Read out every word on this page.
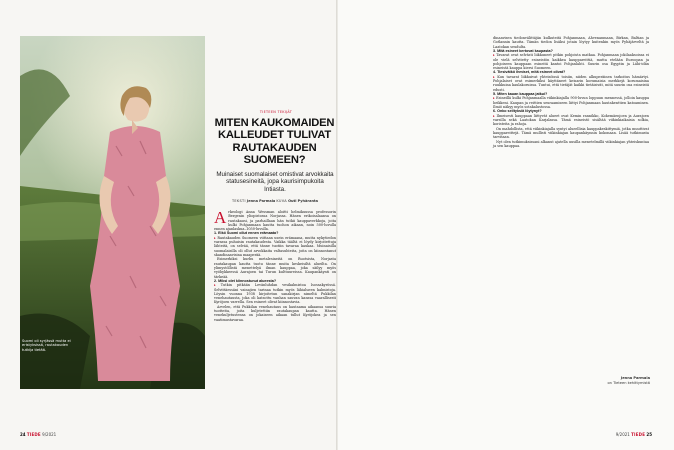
Suomi oli syrjässä mutta ei eristyksissä, rautakauden tutkija tietää.
TIETEEN TEKIJÄT
MITEN KAUKOMAIDEN KALLEUDET TULIVAT RAUTAKAUDEN SUOMEEN?
Muinaiset suomalaiset omistivat arvokkaita statusesineitä, jopa kaurisimpukoita Intiasta.
TEKSTI Jenna Parmala KUVA Outi Pyhäranta
A rkeologi Anna Wessman aloitti helmikuussa professorin Bergenin yliopistossa Norjassa. Hänen erikoisalaansa on rautakausi, ja parhaillaan hän tutkii kauppaverkkoja, joita kulki Pohjanmaan kautta tuohon aikaan, noin 500-luvulla ennen ajanlaskua–1050-luvulla.

1. Eikö Suomi ollut ennen erämaata?

▸ Rautakauden Suomeen viittaan usein erämaana, mutta nykytiedon varassa puhuisin rautakaudesta. Vaikka täältä ei löydy kirjoitettuja lähteitä, on selvää, että tänne tuotiin tavaraa kaukaa. Muinaisilla suomalaisilla oli ollut arvokkaita valtasuhteita, joita on kiinnostanut skandinaavisina maaperää.

Esimerkiksi kurbu metalesineitä on Ruotsista, Norjasta rautakaupan kautta tuotu tänne muita keskeisiltä alueilta. On ylimystöllistä menettelyä ilman kauppaa, joka säilyy myös vyöhykkeessä Aurajoen tai Turun kulttuureissa. Kaupankäynti on tärkeää.

2. Miksi olet kiinnostunut alueesta?

▸ Tutkin pitkään Levänluhdan vesikalmistoa Isossakyrössä. Selvittäessäni vainajien tarinaa tutkin myös lähialueen kalmistoja. Löysin vuonna 1938 kirjoitetun sanakirjan nimeltä Pukkilan venehautausta, joka oli katsottu vanhan sauvan kanssa vaarallisesti Kyröjoen varrella. Sen esineet olivat kiinnostavia.

Arvelen, että Pukkilan venehautaus on hautaama aikaansa suuria tuotteita, joita kuljetettiin rautakaupan kautta. Hänen venekuljetustensa on jokaiseen aikaan tullut Kyröjokea ja sen vaatimustavaraa.

dinaavisen tiedonvälittäjän kulkuteitä Pohjanmaan, Ahvenanmaan, Birkan, Baltian ja Gotlannin kautta. Tämän tiedon lisäksi jotain löytyy kuitenkin myös Pyhäjärveltä ja Laatokan seudulta.

3. Mitä esineet kertovat kaupasta?

▸ Tavarat ovat selvästi liikkuneet pitkin pohjoista matkaa. Pohjanmaan jokilaaksoissa ei ole vielä selvitetty esineistön kaikkea kauppareittiä, mutta etelään Euroopan ja pohjoiseen kauppaan esineitä kantoi Pohjanlahti. Suurin osa Egyptin ja Lähi-idän esineistä kauppa kiersi Suomeen.

4. Tiesivätkö ihmiset, mitä esineet olivat?

▸ Kun tavarat liikkuivat yhteisöissä toisiin, niiden alkuperäinen tarkoitus hämärtyi. Pohjalaiset ovat esimerkiksi käyttäneet keisarin korumaisia merkkejä korumaisina ruukkuina kaulakoruissa. Tuntui, että tietäjät kaikki tietäisivät, mitä suurin osa esineistä edusti.

5. Miten kauan kauppaa jatkui?

▸ Esineillä kulki Pohjanmaalla viikinkiajalla 900-luvun loppuun mennessä, jolloin kauppa heikkeni. Kaupan ja reittien seuraamiseen liittyi Pohjanmaan hautakenttien katoaminen. Ilmiö näkyy myös sotakalustossa.

6. Onko seiltyksiä löytynyt?

▸ Ilmeisesti kauppaan liittyvät alueet ovat Kemin rannikko, Kokemäenjoen ja Aurajoen varsilla sekä Laatokan Karjalassa. Tämä esineistö sisältää viikinkiaikaisia solkia, koristeita ja rahoja.

On mahdollista, että viikinkiajalla syntyi alueellisia kauppakeskittymiä, jotka muuttivat kauppareittejä. Tämä mullisti viikinkiajan kaupankäynnin kokonaan. Lisää tutkimusta tarvitaan.

Nyt olen tutkimuksissani alkanut ajatella uusilla menetelmillä viikinkiajan yhteiskuntaa ja sen kauppaa.

Jenna Parmala
on Tieteen kehittymistä
24 TIEDE 9/2021	9/2021 TIEDE 25
